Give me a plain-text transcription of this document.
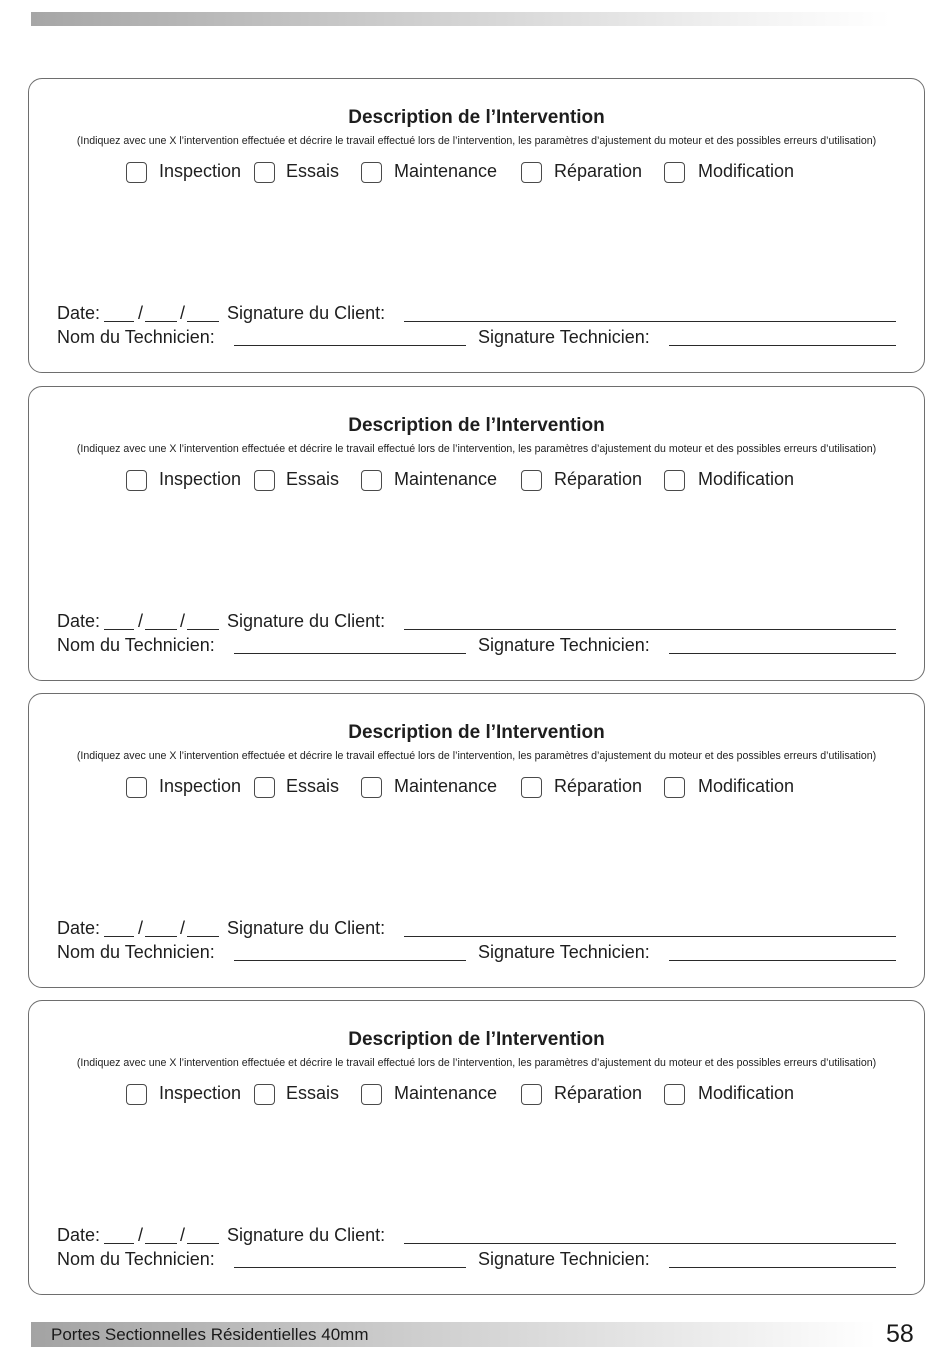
Description de l’Intervention
(Indiquez avec une X l’intervention effectuée et décrire le travail effectué lors de l’intervention, les paramètres d’ajustement du moteur et des possibles erreurs d’utilisation)
Inspection Essais	Maintenance	Réparation	Modification
Date: / / Signature du Client:
Nom du Technicien:	Signature Technicien:
Description de l’Intervention
(Indiquez avec une X l’intervention effectuée et décrire le travail effectué lors de l’intervention, les paramètres d’ajustement du moteur et des possibles erreurs d’utilisation)
Inspection Essais	Maintenance	Réparation	Modification
Date: / / Signature du Client:
Nom du Technicien:	Signature Technicien:
Description de l’Intervention
(Indiquez avec une X l’intervention effectuée et décrire le travail effectué lors de l’intervention, les paramètres d’ajustement du moteur et des possibles erreurs d’utilisation)
Inspection Essais	Maintenance	Réparation	Modification
Date: / / Signature du Client:
Nom du Technicien:	Signature Technicien:
Description de l’Intervention
(Indiquez avec une X l’intervention effectuée et décrire le travail effectué lors de l’intervention, les paramètres d’ajustement du moteur et des possibles erreurs d’utilisation)
Inspection Essais	Maintenance	Réparation	Modification
Date: / / Signature du Client:
Nom du Technicien:	Signature Technicien:
Portes Sectionnelles Résidentielles 40mm	58
